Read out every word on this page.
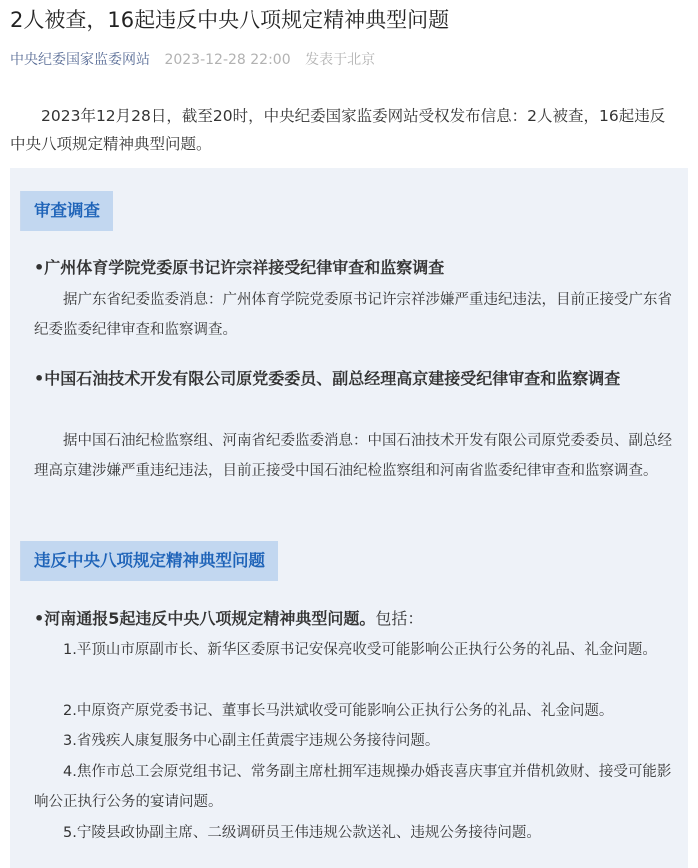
2人被查，16起违反中央八项规定精神典型问题
中央纪委国家监委网站 2023-12-28 22:00 发表于北京
2023年12月28日，截至20时，中央纪委国家监委网站受权发布信息：2人被查，16起违反中央八项规定精神典型问题。
审查调查
•广州体育学院党委原书记许宗祥接受纪律审查和监察调查
据广东省纪委监委消息：广州体育学院党委原书记许宗祥涉嫌严重违纪违法，目前正接受广东省纪委监委纪律审查和监察调查。
•中国石油技术开发有限公司原党委委员、副总经理高京建接受纪律审查和监察调查
据中国石油纪检监察组、河南省纪委监委消息：中国石油技术开发有限公司原党委委员、副总经理高京建涉嫌严重违纪违法，目前正接受中国石油纪检监察组和河南省监委纪律审查和监察调查。
违反中央八项规定精神典型问题
•河南通报5起违反中央八项规定精神典型问题。包括：
1.平顶山市原副市长、新华区委原书记安保亮收受可能影响公正执行公务的礼品、礼金问题。
2.中原资产原党委书记、董事长马洪斌收受可能影响公正执行公务的礼品、礼金问题。
3.省残疾人康复服务中心副主任黄震宇违规公务接待问题。
4.焦作市总工会原党组书记、常务副主席杜拥军违规操办婚丧喜庆事宜并借机敛财、接受可能影响公正执行公务的宴请问题。
5.宁陵县政协副主席、二级调研员王伟违规公款送礼、违规公务接待问题。
